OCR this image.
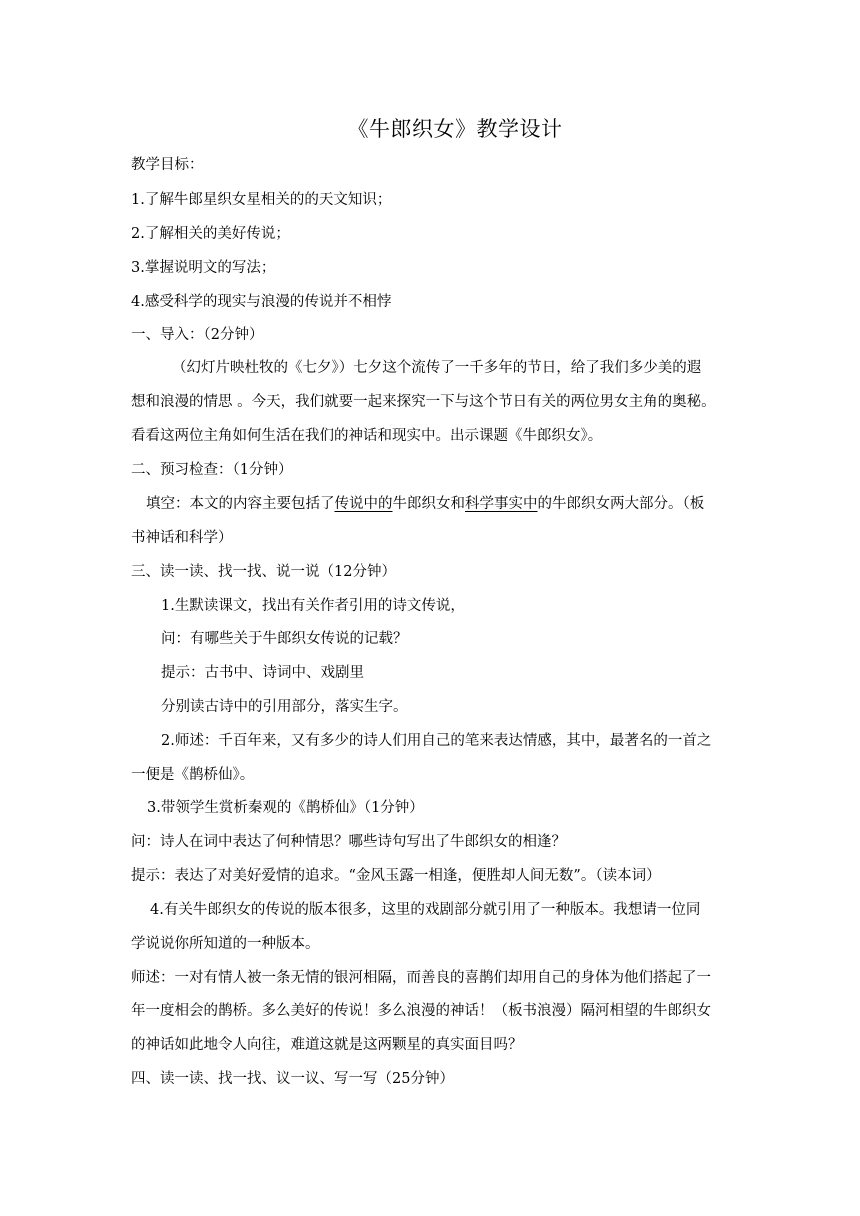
《牛郎织女》教学设计
教学目标：
1.了解牛郎星织女星相关的的天文知识；
2.了解相关的美好传说；
3.掌握说明文的写法；
4.感受科学的现实与浪漫的传说并不相悖
一、导入：（2分钟）
（幻灯片映杜牧的《七夕》）七夕这个流传了一千多年的节日，给了我们多少美的遐
想和浪漫的情思 。今天，我们就要一起来探究一下与这个节日有关的两位男女主角的奥秘。
看看这两位主角如何生活在我们的神话和现实中。出示课题《牛郎织女》。
二、预习检查：（1分钟）
填空：本文的内容主要包括了传说中的牛郎织女和科学事实中的牛郎织女两大部分。（板
书神话和科学）
三、读一读、找一找、说一说（12分钟）
1.生默读课文，找出有关作者引用的诗文传说，
问：有哪些关于牛郎织女传说的记载？
提示：古书中、诗词中、戏剧里
分别读古诗中的引用部分，落实生字。
2.师述：千百年来，又有多少的诗人们用自己的笔来表达情感，其中，最著名的一首之
一便是《鹊桥仙》。
3.带领学生赏析秦观的《鹊桥仙》（1分钟）
问：诗人在词中表达了何种情思？哪些诗句写出了牛郎织女的相逢？
提示：表达了对美好爱情的追求。“金风玉露一相逢，便胜却人间无数”。（读本词）
4.有关牛郎织女的传说的版本很多，这里的戏剧部分就引用了一种版本。我想请一位同
学说说你所知道的一种版本。
师述：一对有情人被一条无情的银河相隔，而善良的喜鹊们却用自己的身体为他们搭起了一
年一度相会的鹊桥。多么美好的传说！多么浪漫的神话！（板书浪漫）隔河相望的牛郎织女
的神话如此地令人向往，难道这就是这两颗星的真实面目吗？
四、读一读、找一找、议一议、写一写（25分钟）
